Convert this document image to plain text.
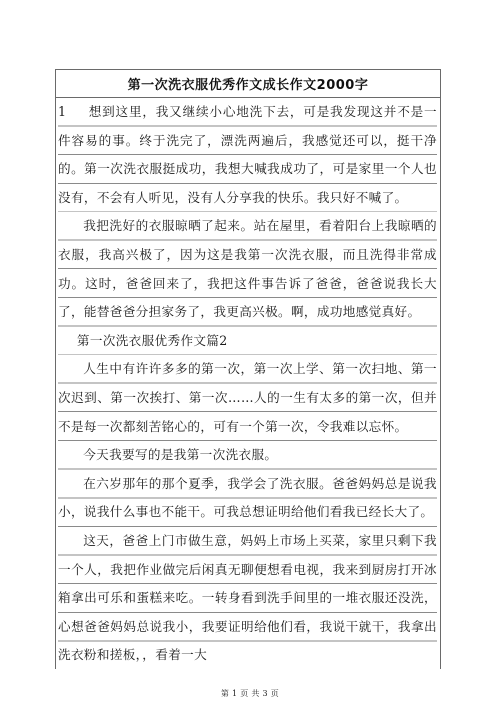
第一次洗衣服优秀作文成长作文2000字

1 想到这里，我又继续小心地洗下去，可是我发现这并不是一件容易的事。终于洗完了，漂洗两遍后，我感觉还可以，挺干净的。第一次洗衣服挺成功，我想大喊我成功了，可是家里一个人也没有，不会有人听见，没有人分享我的快乐。我只好不喊了。

我把洗好的衣服晾晒了起来。站在屋里，看着阳台上我晾晒的衣服，我高兴极了，因为这是我第一次洗衣服，而且洗得非常成功。这时，爸爸回来了，我把这件事告诉了爸爸，爸爸说我长大了，能替爸爸分担家务了，我更高兴极。啊，成功地感觉真好。

第一次洗衣服优秀作文篇2

人生中有许许多多的第一次，第一次上学、第一次扫地、第一次迟到、第一次挨打、第一次……人的一生有太多的第一次，但并不是每一次都刻苦铭心的，可有一个第一次，令我难以忘怀。

今天我要写的是我第一次洗衣服。

在六岁那年的那个夏季，我学会了洗衣服。爸爸妈妈总是说我小，说我什么事也不能干。可我总想证明给他们看我已经长大了。

这天，爸爸上门市做生意，妈妈上市场上买菜，家里只剩下我一个人，我把作业做完后闲真无聊便想看电视，我来到厨房打开冰箱拿出可乐和蛋糕来吃。一转身看到洗手间里的一堆衣服还没洗，心想爸爸妈妈总说我小，我要证明给他们看，我说干就干，我拿出洗衣粉和搓板，，看着一大

第 1 页 共 3 页
